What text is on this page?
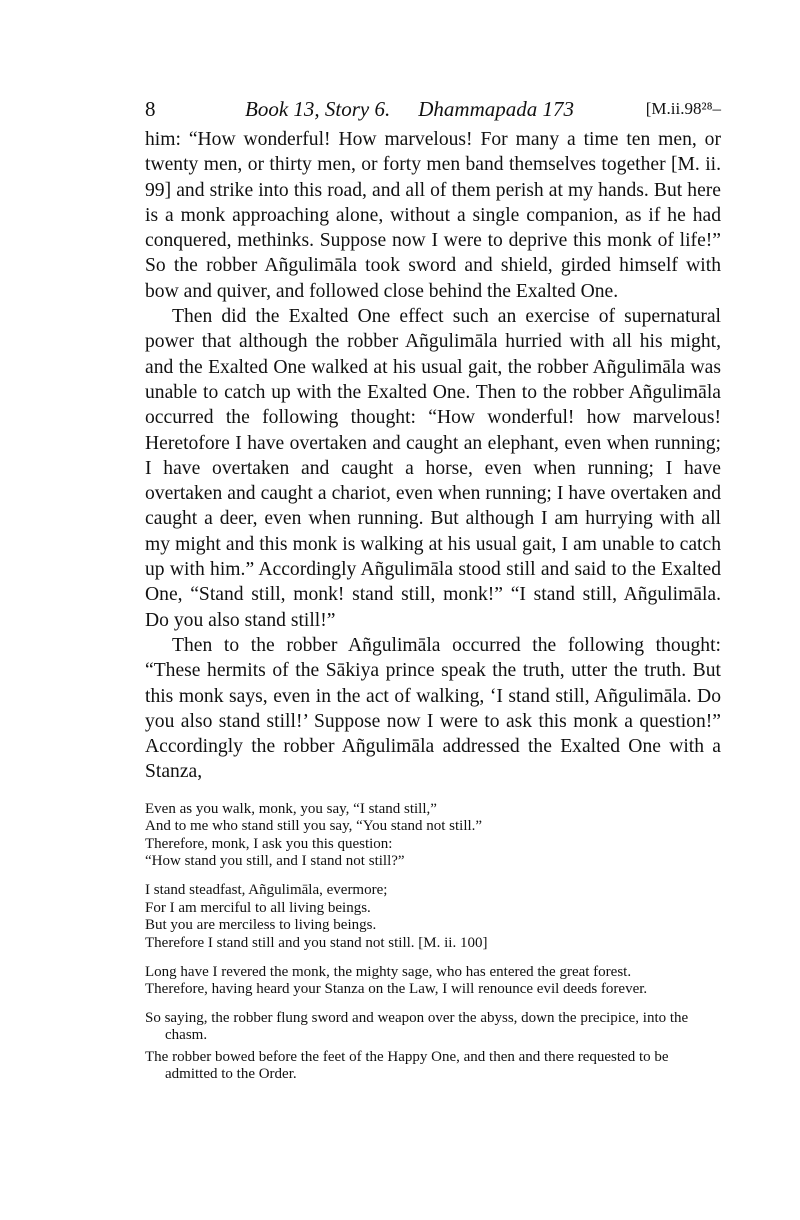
8	Book 13, Story 6. Dhammapada 173	[M.ii.98²⁸–

him: “How wonderful! How marvelous! For many a time ten men, or twenty men, or thirty men, or forty men band themselves together [M. ii. 99] and strike into this road, and all of them perish at my hands. But here is a monk approaching alone, without a single companion, as if he had conquered, methinks. Suppose now I were to deprive this monk of life!” So the robber Añgulimāla took sword and shield, girded himself with bow and quiver, and followed close behind the Exalted One.

Then did the Exalted One effect such an exercise of supernatural power that although the robber Añgulimāla hurried with all his might, and the Exalted One walked at his usual gait, the robber Añgulimāla was unable to catch up with the Exalted One. Then to the robber Añgulimāla occurred the following thought: “How wonderful! how marvelous! Heretofore I have overtaken and caught an elephant, even when running; I have overtaken and caught a horse, even when running; I have overtaken and caught a chariot, even when running; I have overtaken and caught a deer, even when running. But although I am hurrying with all my might and this monk is walking at his usual gait, I am unable to catch up with him.” Accordingly Añgulimāla stood still and said to the Exalted One, “Stand still, monk! stand still, monk!” “I stand still, Añgulimāla. Do you also stand still!”

Then to the robber Añgulimāla occurred the following thought: “These hermits of the Sākiya prince speak the truth, utter the truth. But this monk says, even in the act of walking, ‘I stand still, Añgulimāla. Do you also stand still!’ Suppose now I were to ask this monk a question!” Accordingly the robber Añgulimāla addressed the Exalted One with a Stanza,

Even as you walk, monk, you say, “I stand still,”
And to me who stand still you say, “You stand not still.”
Therefore, monk, I ask you this question:
“How stand you still, and I stand not still?”
I stand steadfast, Añgulimāla, evermore;
For I am merciful to all living beings.
But you are merciless to living beings.
Therefore I stand still and you stand not still. [M. ii. 100]
Long have I revered the monk, the mighty sage, who has entered the great forest.
Therefore, having heard your Stanza on the Law, I will renounce evil deeds forever.

So saying, the robber flung sword and weapon over the abyss, down the precipice, into the chasm.

The robber bowed before the feet of the Happy One, and then and there requested to be admitted to the Order.
